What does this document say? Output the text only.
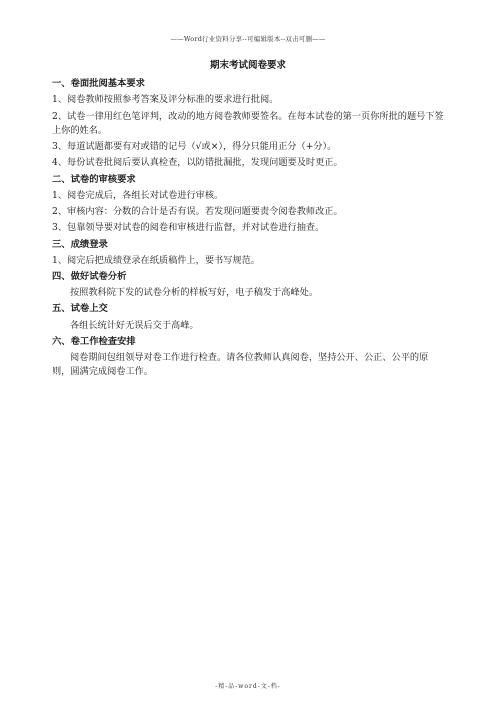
——Word行业资料分享--可编辑版本--双击可删——
期末考试阅卷要求

一、卷面批阅基本要求

1、阅卷教师按照参考答案及评分标准的要求进行批阅。

2、试卷一律用红色笔评判，改动的地方阅卷教师要签名。在每本试卷的第一页你所批的题号下签上你的姓名。

3、每道试题都要有对或错的记号（√或×），得分只能用正分（+分）。

4、每份试卷批阅后要认真检查，以防错批漏批，发现问题要及时更正。

二、试卷的审核要求

1、阅卷完成后，各组长对试卷进行审核。

2、审核内容：分数的合计是否有误。若发现问题要责令阅卷教师改正。

3、包靠领导要对试卷的阅卷和审核进行监督，并对试卷进行抽查。

三、成绩登录

1、阅完后把成绩登录在纸质稿件上，要书写规范。

四、做好试卷分析

按照教科院下发的试卷分析的样板写好，电子稿发于高峰处。

五、试卷上交

各组长统计好无误后交于高峰。

六、卷工作检查安排

阅卷期间包组领导对卷工作进行检查。请各位教师认真阅卷，坚持公开、公正、公平的原则，圆满完成阅卷工作。

-精-品-word-文-档-
